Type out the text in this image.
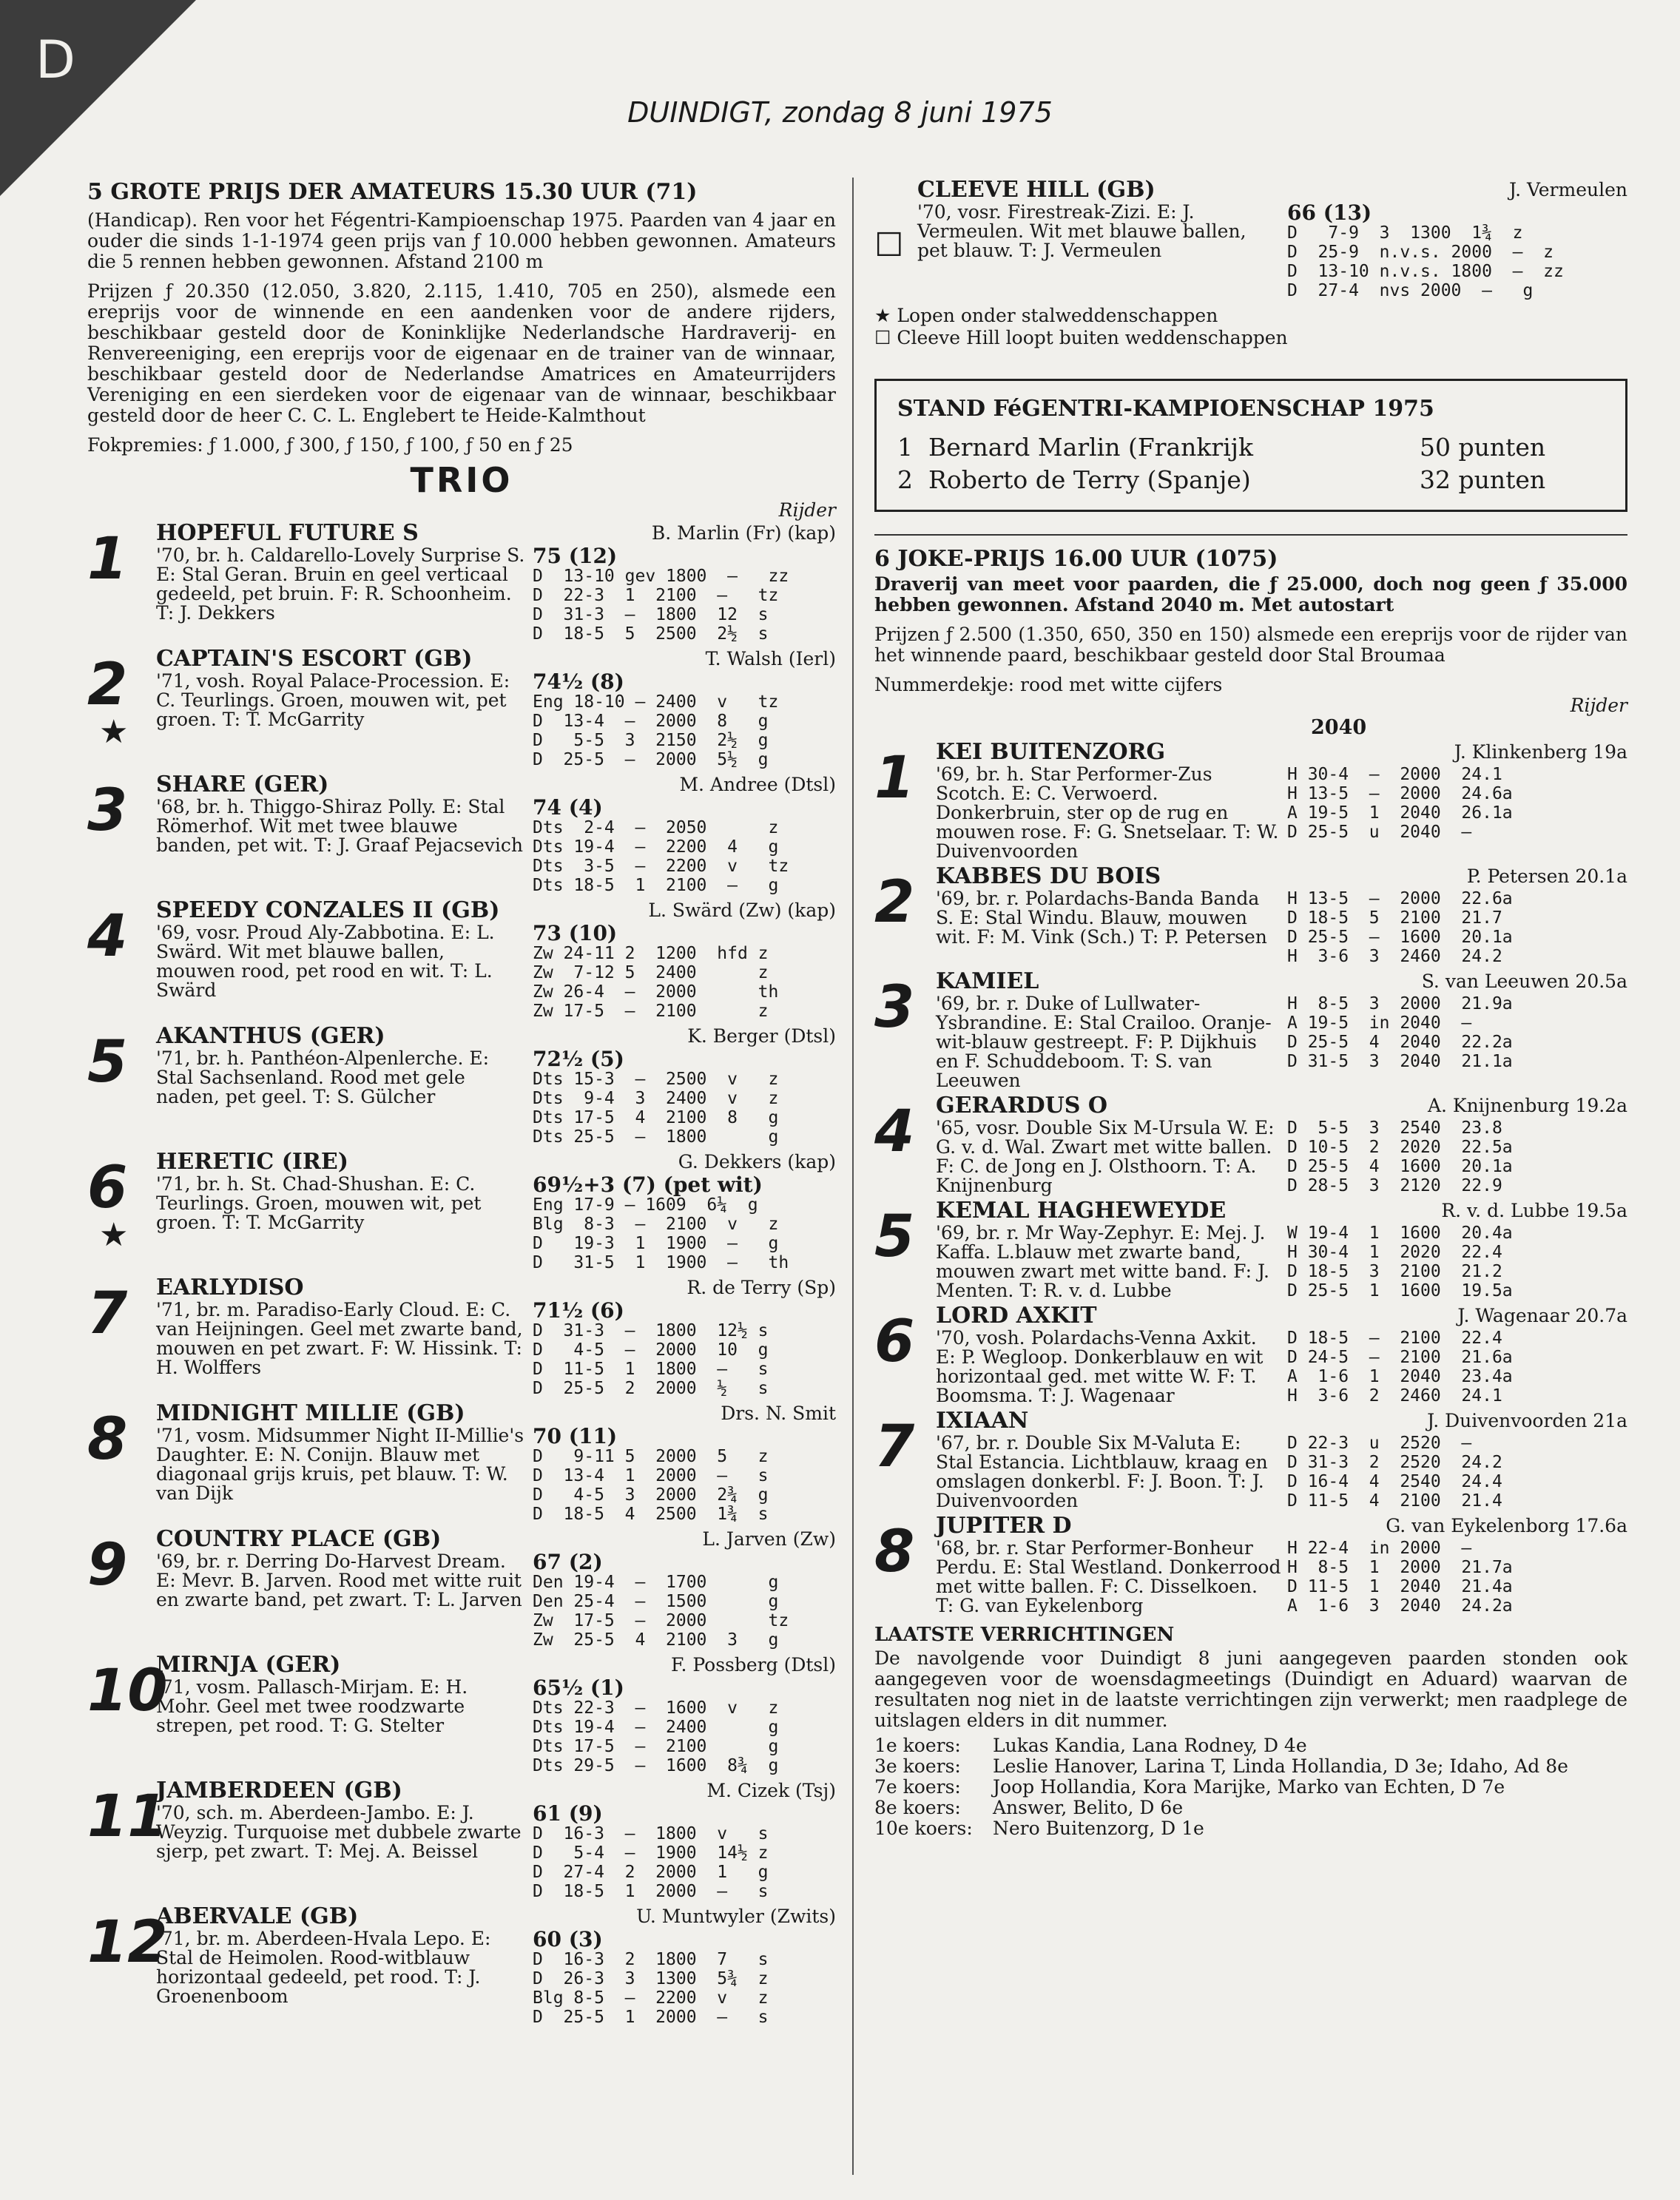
D
DUINDIGT, zondag 8 juni 1975
5 GROTE PRIJS DER AMATEURS 15.30 UUR (71)
(Handicap). Ren voor het Fégentri-Kampioenschap 1975. Paarden van 4 jaar en ouder die sinds 1-1-1974 geen prijs van ƒ 10.000 hebben gewonnen. Amateurs die 5 rennen hebben gewonnen. Afstand 2100 m
Prijzen ƒ 20.350 (12.050, 3.820, 2.115, 1.410, 705 en 250), alsmede een ereprijs voor de winnende en een aandenken voor de andere rijders, beschikbaar gesteld door de Koninklijke Nederlandsche Hardraverij- en Renvereeniging, een ereprijs voor de eigenaar en de trainer van de winnaar, beschikbaar gesteld door de Nederlandse Amatrices en Amateurrijders Vereniging en een sierdeken voor de eigenaar van de winnaar, beschikbaar gesteld door de heer C. C. L. Englebert te Heide-Kalmthout
Fokpremies: ƒ 1.000, ƒ 300, ƒ 150, ƒ 100, ƒ 50 en ƒ 25
TRIO
Rijder
1	HOPEFUL FUTURE S
'70, br. h. Caldarello-Lovely Surprise S. E: Stal Geran. Bruin en geel verticaal gedeeld, pet bruin. F: R. Schoonheim. T: J. Dekkers
B. Marlin (Fr) (kap)
75 (12)
D  13-10 gev 1800  —   zz
D  22-3  1  2100  —   tz
D  31-3  —  1800  12  s
D  18-5  5  2500  2½  s
2
★
CAPTAIN'S ESCORT (GB)
'71, vosh. Royal Palace-Procession. E: C. Teurlings. Groen, mouwen wit, pet groen. T: T. McGarrity
T. Walsh (Ierl)
74½ (8)
Eng 18-10 — 2400  v   tz
D  13-4  —  2000  8   g
D   5-5  3  2150  2½  g
D  25-5  —  2000  5½  g
3	SHARE (GER)
'68, br. h. Thiggo-Shiraz Polly. E: Stal Römerhof. Wit met twee blauwe banden, pet wit. T: J. Graaf Pejacsevich
M. Andree (Dtsl)
74 (4)
Dts  2-4  —  2050      z
Dts 19-4  —  2200  4   g
Dts  3-5  —  2200  v   tz
Dts 18-5  1  2100  —   g
4	SPEEDY CONZALES II (GB)
'69, vosr. Proud Aly-Zabbotina. E: L. Swärd. Wit met blauwe ballen, mouwen rood, pet rood en wit. T: L. Swärd
L. Swärd (Zw) (kap)
73 (10)
Zw 24-11 2  1200  hfd z
Zw  7-12 5  2400      z
Zw 26-4  —  2000      th
Zw 17-5  —  2100      z
5	AKANTHUS (GER)
'71, br. h. Panthéon-Alpenlerche. E: Stal Sachsenland. Rood met gele naden, pet geel. T: S. Gülcher
K. Berger (Dtsl)
72½ (5)
Dts 15-3  —  2500  v   z
Dts  9-4  3  2400  v   z
Dts 17-5  4  2100  8   g
Dts 25-5  —  1800      g
6
★
HERETIC (IRE)
'71, br. h. St. Chad-Shushan. E: C. Teurlings. Groen, mouwen wit, pet groen. T: T. McGarrity
G. Dekkers (kap)
69½+3 (7) (pet wit)
Eng 17-9 — 1609  6¼  g
Blg  8-3  —  2100  v   z
D   19-3  1  1900  —   g
D   31-5  1  1900  —   th
7	EARLYDISO
'71, br. m. Paradiso-Early Cloud. E: C. van Heijningen. Geel met zwarte band, mouwen en pet zwart. F: W. Hissink. T: H. Wolffers
R. de Terry (Sp)
71½ (6)
D  31-3  —  1800  12½ s
D   4-5  —  2000  10  g
D  11-5  1  1800  —   s
D  25-5  2  2000  ½   s
8	MIDNIGHT MILLIE (GB)
'71, vosm. Midsummer Night II-Millie's Daughter. E: N. Conijn. Blauw met diagonaal grijs kruis, pet blauw. T: W. van Dijk
Drs. N. Smit
70 (11)
D   9-11 5  2000  5   z
D  13-4  1  2000  —   s
D   4-5  3  2000  2¾  g
D  18-5  4  2500  1¾  s
9	COUNTRY PLACE (GB)
'69, br. r. Derring Do-Harvest Dream. E: Mevr. B. Jarven. Rood met witte ruit en zwarte band, pet zwart. T: L. Jarven
L. Jarven (Zw)
67 (2)
Den 19-4  —  1700      g
Den 25-4  —  1500      g
Zw  17-5  —  2000      tz
Zw  25-5  4  2100  3   g
10
MIRNJA (GER)
'71, vosm. Pallasch-Mirjam. E: H. Mohr. Geel met twee roodzwarte strepen, pet rood. T: G. Stelter
F. Possberg (Dtsl)
65½ (1)
Dts 22-3  —  1600  v   z
Dts 19-4  —  2400      g
Dts 17-5  —  2100      g
Dts 29-5  —  1600  8¾  g
11
JAMBERDEEN (GB)
'70, sch. m. Aberdeen-Jambo. E: J. Weyzig. Turquoise met dubbele zwarte sjerp, pet zwart. T: Mej. A. Beissel
M. Cizek (Tsj)
61 (9)
D  16-3  —  1800  v   s
D   5-4  —  1900  14½ z
D  27-4  2  2000  1   g
D  18-5  1  2000  —   s
12
ABERVALE (GB)
'71, br. m. Aberdeen-Hvala Lepo. E: Stal de Heimolen. Rood-witblauw horizontaal gedeeld, pet rood. T: J. Groenenboom
U. Muntwyler (Zwits)
60 (3)
D  16-3  2  1800  7   s
D  26-3  3  1300  5¾  z
Blg 8-5  —  2200  v   z
D  25-5  1  2000  —   s
☐
CLEEVE HILL (GB)
'70, vosr. Firestreak-Zizi. E: J. Vermeulen. Wit met blauwe ballen, pet blauw. T: J. Vermeulen
J. Vermeulen
66 (13)
D   7-9  3  1300  1¾  z
D  25-9  n.v.s. 2000  —  z
D  13-10 n.v.s. 1800  —  zz
D  27-4  nvs 2000  —   g
★ Lopen onder stalweddenschappen
☐ Cleeve Hill loopt buiten weddenschappen
STAND FéGENTRI-KAMPIOENSCHAP 1975
1 Bernard Marlin (Frankrijk	50 punten
2 Roberto de Terry (Spanje)	32 punten
6 JOKE-PRIJS 16.00 UUR (1075)
Draverij van meet voor paarden, die ƒ 25.000, doch nog geen ƒ 35.000 hebben gewonnen. Afstand 2040 m. Met autostart
Prijzen ƒ 2.500 (1.350, 650, 350 en 150) alsmede een ereprijs voor de rijder van het winnende paard, beschikbaar gesteld door Stal Broumaa
Nummerdekje: rood met witte cijfers
Rijder
2040
1 KEI BUITENZORG
'69, br. h. Star Performer-Zus Scotch. E: C. Verwoerd. Donkerbruin, ster op de rug en mouwen rose. F: G. Snetselaar. T: W. Duivenvoorden
J. Klinkenberg 19a
H 30-4  —  2000  24.1
H 13-5  —  2000  24.6a
A 19-5  1  2040  26.1a
D 25-5  u  2040  —
2 KABBES DU BOIS
'69, br. r. Polardachs-Banda Banda S. E: Stal Windu. Blauw, mouwen wit. F: M. Vink (Sch.) T: P. Petersen
P. Petersen 20.1a
H 13-5  —  2000  22.6a
D 18-5  5  2100  21.7
D 25-5  —  1600  20.1a
H  3-6  3  2460  24.2
3 KAMIEL
'69, br. r. Duke of Lullwater-Ysbrandine. E: Stal Crailoo. Oranje-wit-blauw gestreept. F: P. Dijkhuis en F. Schuddeboom. T: S. van Leeuwen
S. van Leeuwen 20.5a
H  8-5  3  2000  21.9a
A 19-5  in 2040  —
D 25-5  4  2040  22.2a
D 31-5  3  2040  21.1a
4 GERARDUS O
'65, vosr. Double Six M-Ursula W. E: G. v. d. Wal. Zwart met witte ballen. F: C. de Jong en J. Olsthoorn. T: A. Knijnenburg
A. Knijnenburg 19.2a
D  5-5  3  2540  23.8
D 10-5  2  2020  22.5a
D 25-5  4  1600  20.1a
D 28-5  3  2120  22.9
5 KEMAL HAGHEWEYDE
'69, br. r. Mr Way-Zephyr. E: Mej. J. Kaffa. L.blauw met zwarte band, mouwen zwart met witte band. F: J. Menten. T: R. v. d. Lubbe
R. v. d. Lubbe 19.5a
W 19-4  1  1600  20.4a
H 30-4  1  2020  22.4
D 18-5  3  2100  21.2
D 25-5  1  1600  19.5a
6 LORD AXKIT
'70, vosh. Polardachs-Venna Axkit. E: P. Wegloop. Donkerblauw en wit horizontaal ged. met witte W. F: T. Boomsma. T: J. Wagenaar
J. Wagenaar 20.7a
D 18-5  —  2100  22.4
D 24-5  —  2100  21.6a
A  1-6  1  2040  23.4a
H  3-6  2  2460  24.1
7 IXIAAN
'67, br. r. Double Six M-Valuta E: Stal Estancia. Lichtblauw, kraag en omslagen donkerbl. F: J. Boon. T: J. Duivenvoorden
J. Duivenvoorden 21a
D 22-3  u  2520  —
D 31-3  2  2520  24.2
D 16-4  4  2540  24.4
D 11-5  4  2100  21.4
8 JUPITER D
'68, br. r. Star Performer-Bonheur Perdu. E: Stal Westland. Donkerrood met witte ballen. F: C. Disselkoen. T: G. van Eykelenborg
G. van Eykelenborg 17.6a
H 22-4  in 2000  —
H  8-5  1  2000  21.7a
D 11-5  1  2040  21.4a
A  1-6  3  2040  24.2a
LAATSTE VERRICHTINGEN
De navolgende voor Duindigt 8 juni aangegeven paarden stonden ook aangegeven voor de woensdagmeetings (Duindigt en Aduard) waarvan de resultaten nog niet in de laatste verrichtingen zijn verwerkt; men raadplege de uitslagen elders in dit nummer.
1e koers:	Lukas Kandia, Lana Rodney, D 4e
3e koers:	Leslie Hanover, Larina T, Linda Hollandia, D 3e; Idaho, Ad 8e
7e koers:	Joop Hollandia, Kora Marijke, Marko van Echten, D 7e
8e koers:	Answer, Belito, D 6e
10e koers:	Nero Buitenzorg, D 1e
